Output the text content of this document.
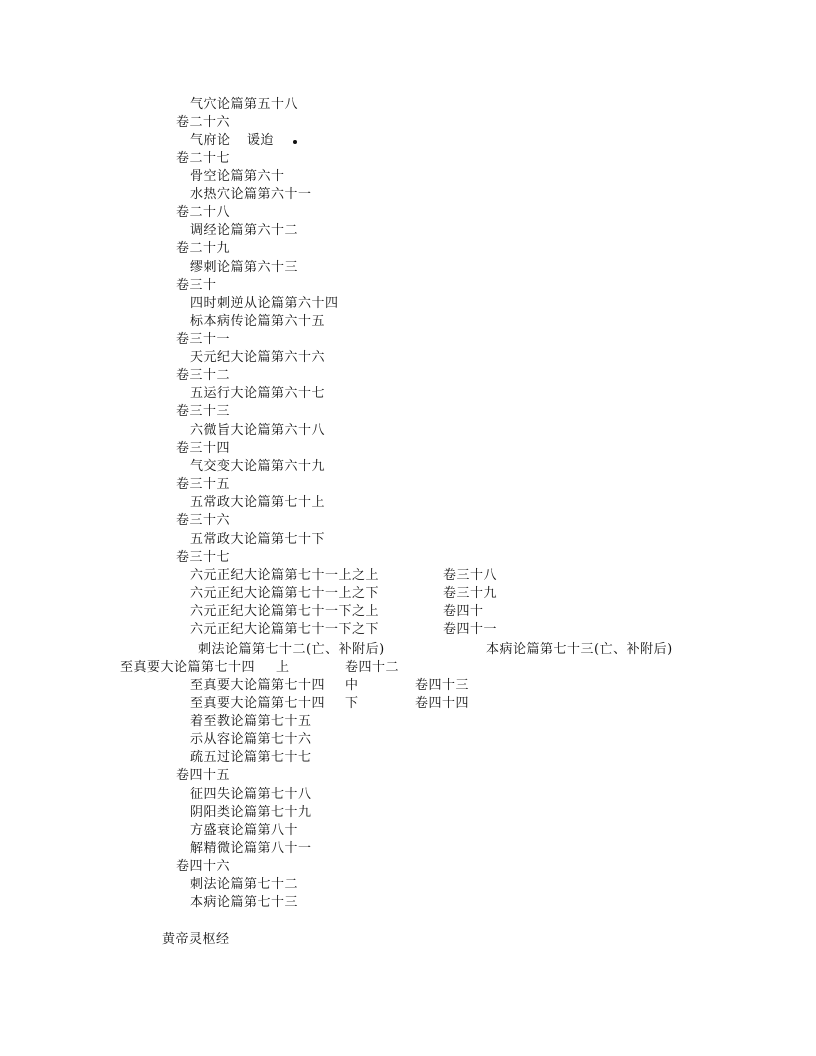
气穴论篇第五十八
卷二十六
气府论 谖迨
卷二十七
骨空论篇第六十
水热穴论篇第六十一
卷二十八
调经论篇第六十二
卷二十九
缪刺论篇第六十三
卷三十
四时刺逆从论篇第六十四
标本病传论篇第六十五
卷三十一
天元纪大论篇第六十六
卷三十二
五运行大论篇第六十七
卷三十三
六微旨大论篇第六十八
卷三十四
气交变大论篇第六十九
卷三十五
五常政大论篇第七十上
卷三十六
五常政大论篇第七十下
卷三十七
六元正纪大论篇第七十一上之上	卷三十八
六元正纪大论篇第七十一上之下	卷三十九
六元正纪大论篇第七十一下之上	卷四十
六元正纪大论篇第七十一下之下	卷四十一
刺法论篇第七十二(亡、补附后)	本病论篇第七十三(亡、补附后)
至真要大论篇第七十四 上	卷四十二
至真要大论篇第七十四 中	卷四十三
至真要大论篇第七十四 下	卷四十四
着至教论篇第七十五
示从容论篇第七十六
疏五过论篇第七十七
卷四十五
征四失论篇第七十八
阴阳类论篇第七十九
方盛衰论篇第八十
解精微论篇第八十一
卷四十六
刺法论篇第七十二
本病论篇第七十三
黄帝灵枢经
